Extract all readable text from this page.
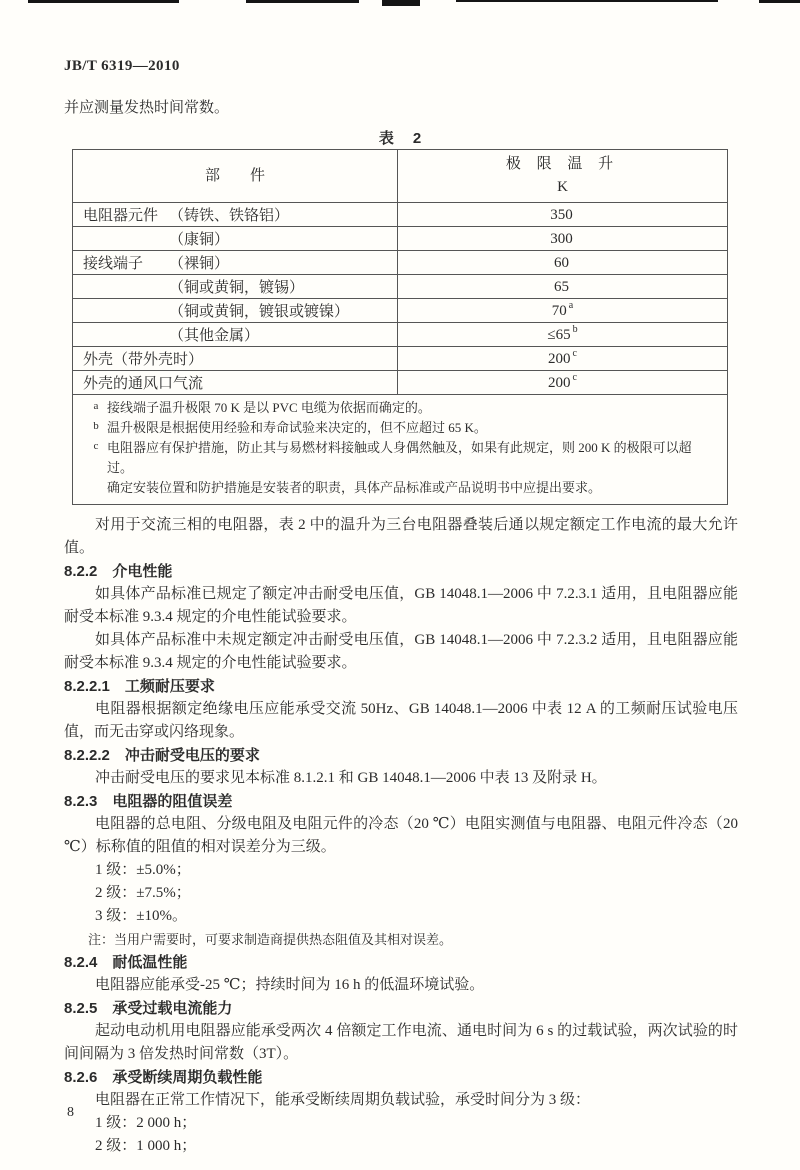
JB/T 6319—2010
并应测量发热时间常数。
表　2
部　　件	极 限 温 升
K

电阻器元件 （铸铁、铁铬铝）	350
（康铜）	300
接线端子 （裸铜）	60
（铜或黄铜，镀锡）	65
（铜或黄铜，镀银或镀镍）	70 $^a$
（其他金属）	≤65 $^b$
外壳（带外壳时）	200 $^c$
外壳的通风口气流	200 $^c$

a 接线端子温升极限 70 K 是以 PVC 电缆为依据而确定的。
b 温升极限是根据使用经验和寿命试验来决定的，但不应超过 65 K。
c 电阻器应有保护措施，防止其与易燃材料接触或人身偶然触及，如果有此规定，则 200 K 的极限可以超过。
确定安装位置和防护措施是安装者的职责，具体产品标准或产品说明书中应提出要求。
对用于交流三相的电阻器，表 2 中的温升为三台电阻器叠装后通以规定额定工作电流的最大允许值。
8.2.2　介电性能
如具体产品标准已规定了额定冲击耐受电压值，GB 14048.1—2006 中 7.2.3.1 适用，且电阻器应能耐受本标准 9.3.4 规定的介电性能试验要求。
如具体产品标准中未规定额定冲击耐受电压值，GB 14048.1—2006 中 7.2.3.2 适用，且电阻器应能耐受本标准 9.3.4 规定的介电性能试验要求。
8.2.2.1　工频耐压要求
电阻器根据额定绝缘电压应能承受交流 50Hz、GB 14048.1—2006 中表 12 A 的工频耐压试验电压值，而无击穿或闪络现象。
8.2.2.2　冲击耐受电压的要求
冲击耐受电压的要求见本标准 8.1.2.1 和 GB 14048.1—2006 中表 13 及附录 H。
8.2.3　电阻器的阻值误差
电阻器的总电阻、分级电阻及电阻元件的冷态（20 ℃）电阻实测值与电阻器、电阻元件冷态（20 ℃）标称值的阻值的相对误差分为三级。
1 级：±5.0%；
2 级：±7.5%；
3 级：±10%。
注：当用户需要时，可要求制造商提供热态阻值及其相对误差。
8.2.4　耐低温性能
电阻器应能承受-25 ℃；持续时间为 16 h 的低温环境试验。
8.2.5　承受过载电流能力
起动电动机用电阻器应能承受两次 4 倍额定工作电流、通电时间为 6 s 的过载试验，两次试验的时间间隔为 3 倍发热时间常数（3T）。
8.2.6　承受断续周期负载性能
电阻器在正常工作情况下，能承受断续周期负载试验，承受时间分为 3 级：
1 级：2 000 h；
2 级：1 000 h；
8
